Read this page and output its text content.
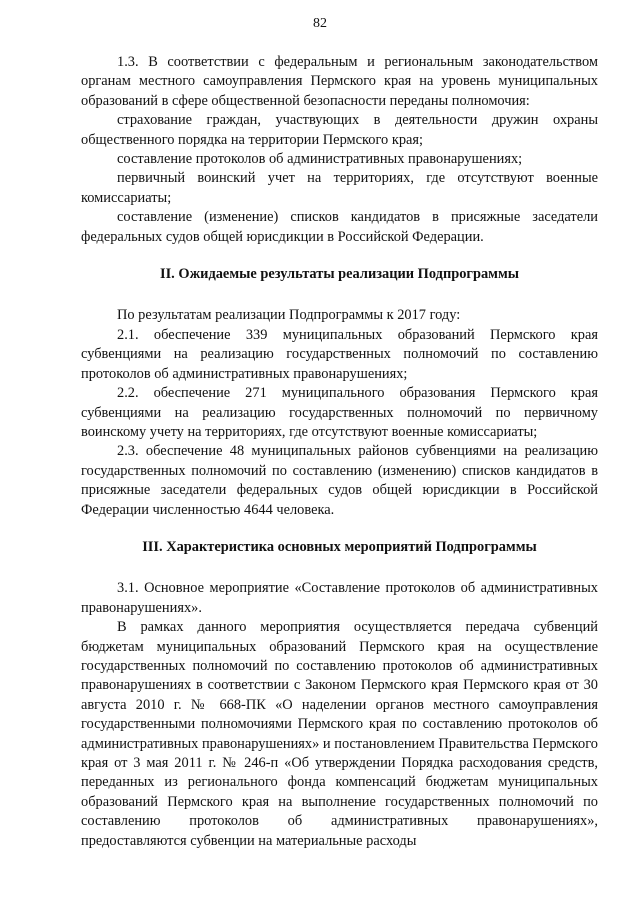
82

1.3. В соответствии с федеральным и региональным законодательством органам местного самоуправления Пермского края на уровень муниципальных образований в сфере общественной безопасности переданы полномочия:

страхование граждан, участвующих в деятельности дружин охраны общественного порядка на территории Пермского края;

составление протоколов об административных правонарушениях;

первичный воинский учет на территориях, где отсутствуют военные комиссариаты;

составление (изменение) списков кандидатов в присяжные заседатели федеральных судов общей юрисдикции в Российской Федерации.

II. Ожидаемые результаты реализации Подпрограммы

По результатам реализации Подпрограммы к 2017 году:

2.1. обеспечение 339 муниципальных образований Пермского края субвенциями на реализацию государственных полномочий по составлению протоколов об административных правонарушениях;

2.2. обеспечение 271 муниципального образования Пермского края субвенциями на реализацию государственных полномочий по первичному воинскому учету на территориях, где отсутствуют военные комиссариаты;

2.3. обеспечение 48 муниципальных районов субвенциями на реализацию государственных полномочий по составлению (изменению) списков кандидатов в присяжные заседатели федеральных судов общей юрисдикции в Российской Федерации численностью 4644 человека.

III. Характеристика основных мероприятий Подпрограммы

3.1. Основное мероприятие «Составление протоколов об административных правонарушениях».

В рамках данного мероприятия осуществляется передача субвенций бюджетам муниципальных образований Пермского края на осуществление государственных полномочий по составлению протоколов об административных правонарушениях в соответствии с Законом Пермского края Пермского края от 30 августа 2010 г. № 668-ПК «О наделении органов местного самоуправления государственными полномочиями Пермского края по составлению протоколов об административных правонарушениях» и постановлением Правительства Пермского края от 3 мая 2011 г. № 246-п «Об утверждении Порядка расходования средств, переданных из регионального фонда компенсаций бюджетам муниципальных образований Пермского края на выполнение государственных полномочий по составлению протоколов об административных правонарушениях», предоставляются субвенции на материальные расходы
